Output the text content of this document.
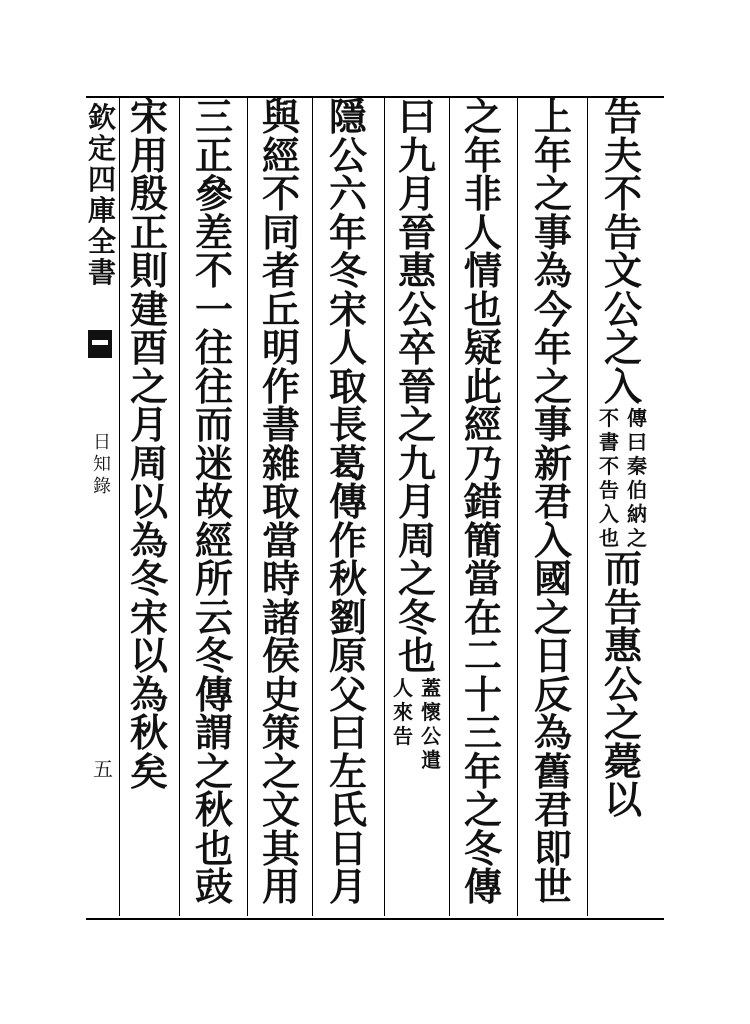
欽定四庫全書
日知錄
五
告夫不告文公之入
傳曰秦伯納之
不書不告入也
而告惠公之薨以
上年之事為今年之事新君入國之日反為舊君即世
之年非人情也疑此經乃錯簡當在二十三年之冬傳
曰九月晉惠公卒晉之九月周之冬也
蓋懷公遣
人來告
隱公六年冬宋人取長葛傳作秋劉原父曰左氏日月
與經不同者丘明作書雜取當時諸侯史策之文其用
三正參差不一往往而迷故經所云冬傳謂之秋也豉
宋用殷正則建酉之月周以為冬宋以為秋矣
